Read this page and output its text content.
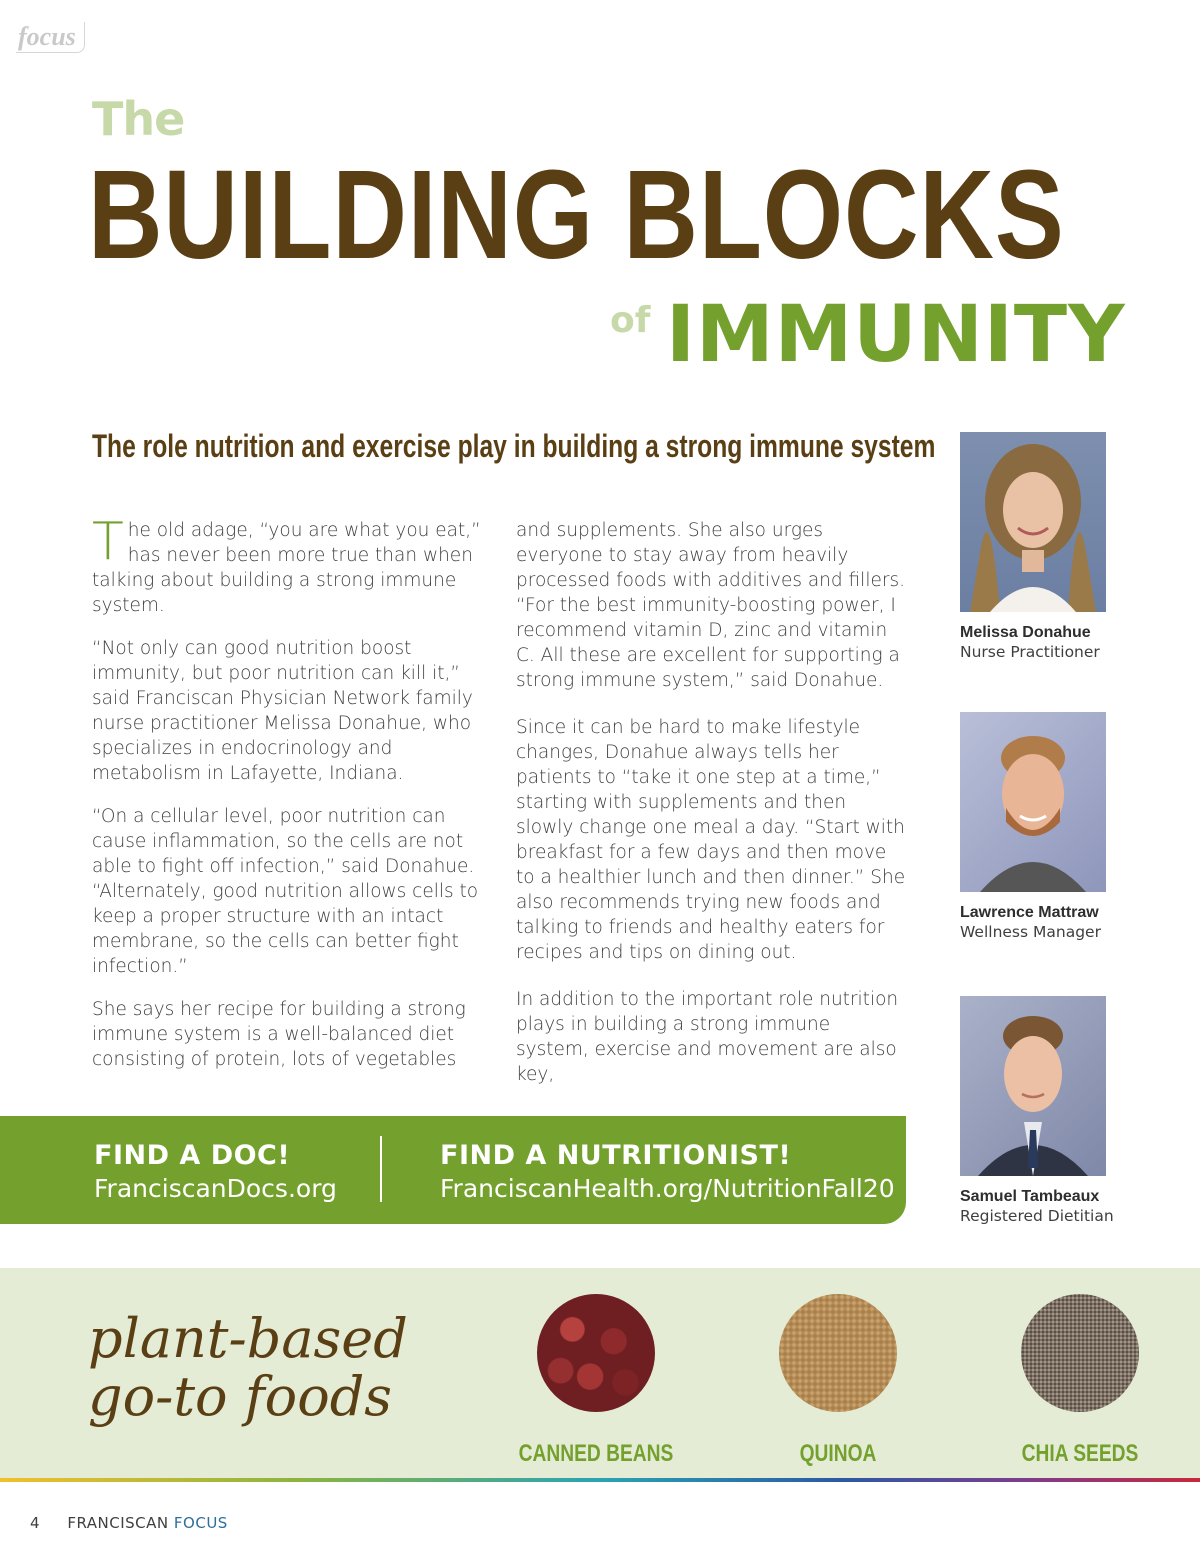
focus
The
BUILDING BLOCKS
of IMMUNITY
The role nutrition and exercise play in building a strong immune system

The old adage, “you are what you eat,” has never been more true than when talking about building a strong immune system.

“Not only can good nutrition boost immunity, but poor nutrition can kill it,” said Franciscan Physician Network family nurse practitioner Melissa Donahue, who specializes in endocrinology and metabolism in Lafayette, Indiana.

“On a cellular level, poor nutrition can cause inflammation, so the cells are not able to fight off infection,” said Donahue. “Alternately, good nutrition allows cells to keep a proper structure with an intact membrane, so the cells can better fight infection.”

She says her recipe for building a strong immune system is a well-balanced diet consisting of protein, lots of vegetables

and supplements. She also urges everyone to stay away from heavily processed foods with additives and fillers. “For the best immunity-boosting power, I recommend vitamin D, zinc and vitamin C. All these are excellent for supporting a strong immune system,” said Donahue.

Since it can be hard to make lifestyle changes, Donahue always tells her patients to “take it one step at a time,” starting with supplements and then slowly change one meal a day. “Start with breakfast for a few days and then move to a healthier lunch and then dinner.” She also recommends trying new foods and talking to friends and healthy eaters for recipes and tips on dining out.

In addition to the important role nutrition plays in building a strong immune system, exercise and movement are also key,

Melissa Donahue
Nurse Practitioner
Lawrence Mattraw
Wellness Manager
Samuel Tambeaux
Registered Dietitian
FIND A DOC!
FranciscanDocs.org
FIND A NUTRITIONIST!
FranciscanHealth.org/NutritionFall20
plant-based
go-to foods
CANNED BEANS	QUINOA	CHIA SEEDS
4 FRANCISCAN FOCUS
